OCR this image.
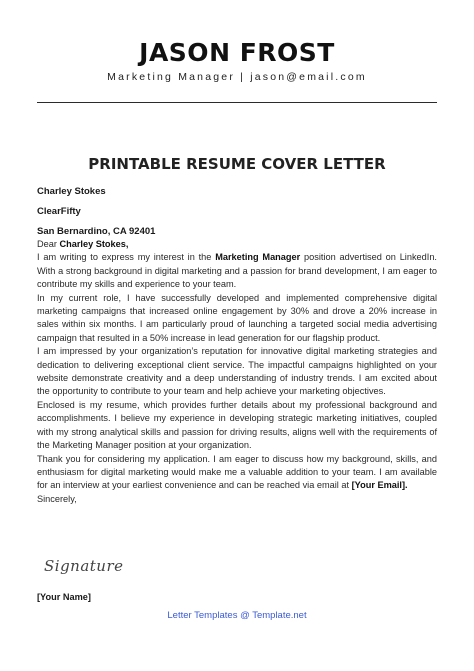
JASON FROST
Marketing Manager | jason@email.com
PRINTABLE RESUME COVER LETTER
Charley Stokes
ClearFifty
San Bernardino, CA 92401

Dear Charley Stokes,

I am writing to express my interest in the Marketing Manager position advertised on LinkedIn. With a strong background in digital marketing and a passion for brand development, I am eager to contribute my skills and experience to your team.

In my current role, I have successfully developed and implemented comprehensive digital marketing campaigns that increased online engagement by 30% and drove a 20% increase in sales within six months. I am particularly proud of launching a targeted social media advertising campaign that resulted in a 50% increase in lead generation for our flagship product.

I am impressed by your organization’s reputation for innovative digital marketing strategies and dedication to delivering exceptional client service. The impactful campaigns highlighted on your website demonstrate creativity and a deep understanding of industry trends. I am excited about the opportunity to contribute to your team and help achieve your marketing objectives.

Enclosed is my resume, which provides further details about my professional background and accomplishments. I believe my experience in developing strategic marketing initiatives, coupled with my strong analytical skills and passion for driving results, aligns well with the requirements of the Marketing Manager position at your organization.

Thank you for considering my application. I am eager to discuss how my background, skills, and enthusiasm for digital marketing would make me a valuable addition to your team. I am available for an interview at your earliest convenience and can be reached via email at [Your Email].

Sincerely,

Signature
[Your Name]
Letter Templates @ Template.net
